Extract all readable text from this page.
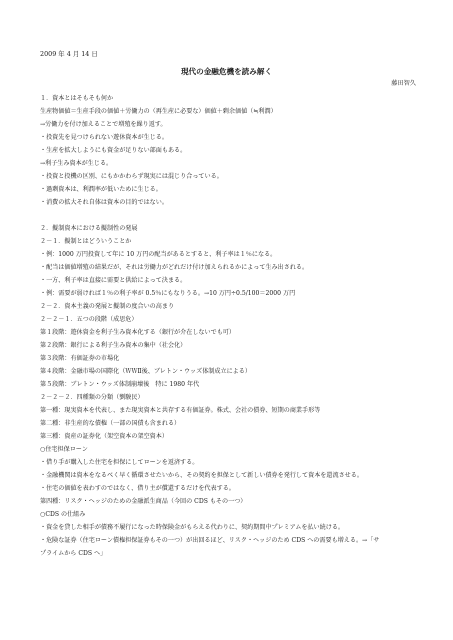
2009 年 4 月 14 日
現代の金融危機を読み解く
藤田智久
１．資本とはそもそも何か
生産物価値＝生産手段の価値＋労働力の（再生産に必要な）価値＋剰余価値（≒利潤）
→労働力を付け加えることで増殖を繰り返す。
・投資先を見つけられない遊休資本が生じる。
・生産を拡大しようにも資金が足りない部面もある。
→利子生み資本が生じる。
・投資と投機の区別、にもかかわらず現実には混じり合っている。
・過剰資本は、利潤率が低いために生じる。
・消費の拡大それ自体は資本の目的ではない。
２．擬制資本における擬制性の発展
２－１．擬制とはどういうことか
・例：1000 万円投資して年に 10 万円の配当があるとすると、利子率は１％になる。
・配当は価値増殖の結果だが、それは労働力がどれだけ付け加えられるかによって生み出される。
・一方、利子率は直接に需要と供給によって決まる。
・例：需要が弱ければ１％の利子率が 0.5％にもなりうる。→10 万円÷0.5/100＝2000 万円
２－２．資本主義の発展と擬制の度合いの高まり
２－２－１．五つの段階（成思危）
第１段階：遊休資金を利子生み資本化する（銀行が介在しないでも可）
第２段階：銀行による利子生み資本の集中（社会化）
第３段階：有価証券の市場化
第４段階：金融市場の国際化（ＷＷⅡ後、ブレトン・ウッズ体制成立による）
第５段階：ブレトン・ウッズ体制崩壊後　特に 1980 年代
２－２－２．四種類の分類（劉駿民）
第一種：現実資本を代表し、また現実資本と共存する有価証券。株式、会社の債券、短期の商業手形等
第二種：非生産的な債権（一部の国債も含まれる）
第三種：資産の証券化（架空資本の架空資本）
○住宅担保ローン
・借り手が購入した住宅を担保にしてローンを返済する。
・金融機関は資本をなるべく早く循環させたいから、その契約を担保として新しい債券を発行して資本を還流させる。
・住宅の価値を表わすのではなく、借り主が償還するだけを代表する。
第四種：リスク・ヘッジのための金融派生商品（今回の CDS もその一つ）
○CDS の仕組み
・資金を貸した相手が債務不履行になった時保険金がもらえる代わりに、契約期間中プレミアムを払い続ける。
・危険な証券（住宅ローン債権担保証券もその一つ）が出回るほど、リスク・ヘッジのため CDS への需要も増える。→「サ
プライムから CDS へ」
